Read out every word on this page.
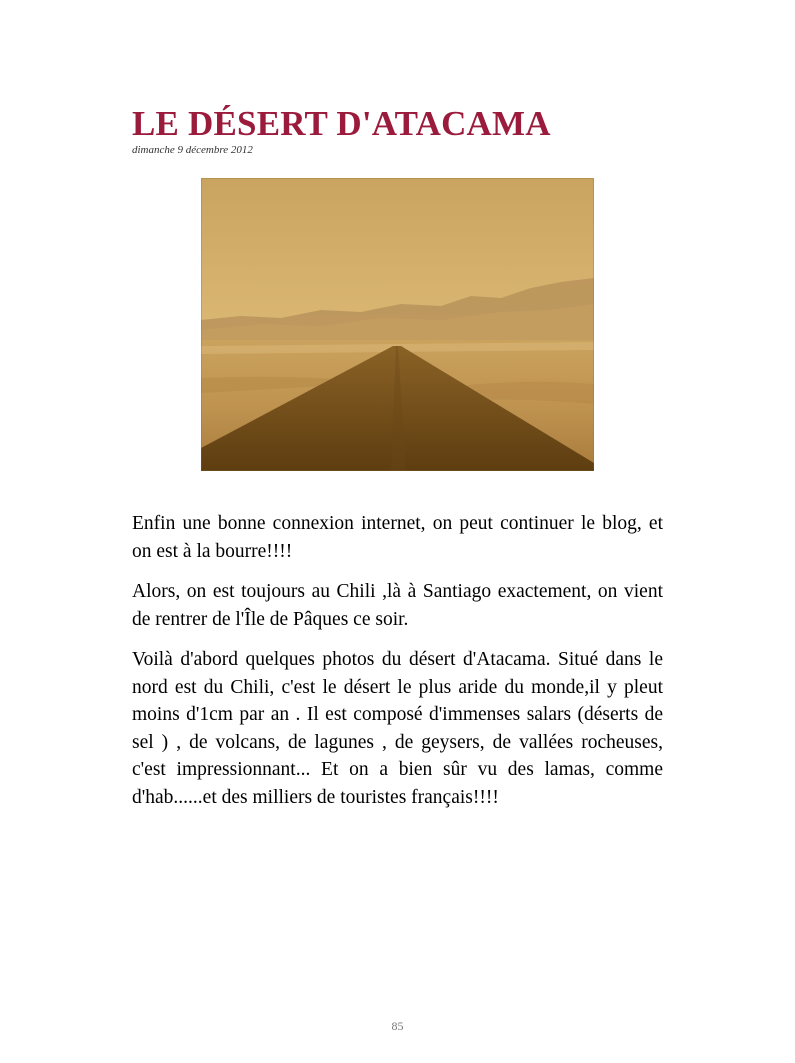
LE DÉSERT D'ATACAMA
dimanche 9 décembre 2012

Enfin une bonne connexion internet, on peut continuer le blog, et on est à la bourre!!!!

Alors, on est toujours au Chili ,là à Santiago exactement, on vient de rentrer de l'Île de Pâques ce soir.

Voilà d'abord quelques photos du désert d'Atacama. Situé dans le nord est du Chili, c'est le désert le plus aride du monde,il y pleut moins d'1cm par an . Il est composé d'immenses salars (déserts de sel ) , de volcans, de lagunes , de geysers, de vallées rocheuses, c'est impressionnant... Et on a bien sûr vu des lamas, comme d'hab......et des milliers de touristes français!!!!

85
